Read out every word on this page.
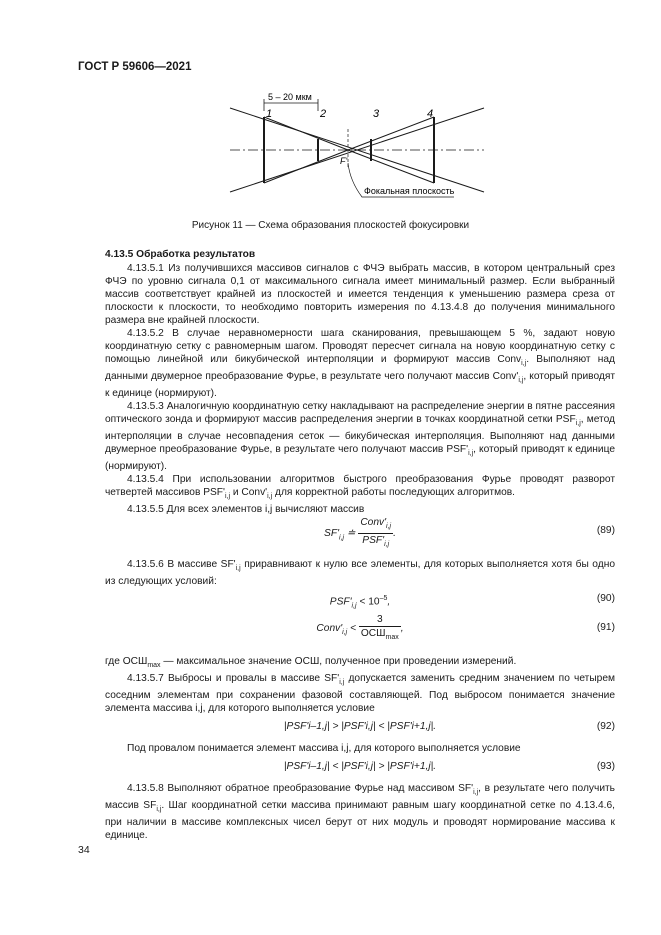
ГОСТ Р 59606—2021
5 – 20 мкм
1	2	3	4
F'
Фокальная плоскость
Рисунок 11 — Схема образования плоскостей фокусировки

4.13.5 Обработка результатов

4.13.5.1 Из получившихся массивов сигналов с ФЧЭ выбрать массив, в котором центральный срез ФЧЭ по уровню сигнала 0,1 от максимального сигнала имеет минимальный размер. Если выбранный массив соответствует крайней из плоскостей и имеется тенденция к уменьшению размера среза от плоскости к плоскости, то необходимо повторить измерения по 4.13.4.8 до получения минимального размера вне крайней плоскости.

4.13.5.2 В случае неравномерности шага сканирования, превышающем 5 %, задают новую координатную сетку с равномерным шагом. Проводят пересчет сигнала на новую координатную сетку с помощью линейной или бикубической интерполяции и формируют массив Conv$_{i,j}$. Выполняют над данными двумерное преобразование Фурье, в результате чего получают массив $Conv'_{i,j}$, который приводят к единице (нормируют).

4.13.5.3 Аналогичную координатную сетку накладывают на распределение энергии в пятне рассеяния оптического зонда и формируют массив распределения энергии в точках координатной сетки $PSF_{i,j}$, метод интерполяции в случае несовпадения сеток — бикубическая интерполяция. Выполняют над данными двумерное преобразование Фурье, в результате чего получают массив $PSF'_{i,j}$, который приводят к единице (нормируют).

4.13.5.4 При использовании алгоритмов быстрого преобразования Фурье проводят разворот четвертей массивов $PSF'_{i,j}$ и $Conv'_{i,j}$ для корректной работы последующих алгоритмов.

4.13.5.5 Для всех элементов i,j вычисляют массив

$SF'_{i,j}$ ≐ $\frac{Conv'_{i,j}}{PSF'_{i,j}}$ .	(89)

4.13.5.6 В массиве $SF'_{i,j}$ приравнивают к нулю все элементы, для которых выполняется хотя бы одно из следующих условий:

$PSF'_{i,j} < 10^{-5}$,	(90)
$Conv'_{i,j} < \frac{3}{ОСШ_{max}}$ ,	(91)

где $ОСШ_{max}$ — максимальное значение ОСШ, полученное при проведении измерений.

4.13.5.7 Выбросы и провалы в массиве $SF'_{i,j}$ допускается заменить средним значением по четырем соседним элементам при сохранении фазовой составляющей. Под выбросом понимается значение элемента массива i,j, для которого выполняется условие

|PSF'i–1,j| > |PSF'i,j| < |PSF'i+1,j|.	(92)

Под провалом понимается элемент массива i,j, для которого выполняется условие

|PSF'i–1,j| < |PSF'i,j| > |PSF'i+1,j|.	(93)

4.13.5.8 Выполняют обратное преобразование Фурье над массивом $SF'_{i,j}$, в результате чего получить массив $SF_{i,j}$. Шаг координатной сетки массива принимают равным шагу координатной сетке по 4.13.4.6, при наличии в массиве комплексных чисел берут от них модуль и проводят нормирование массива к единице.

34
